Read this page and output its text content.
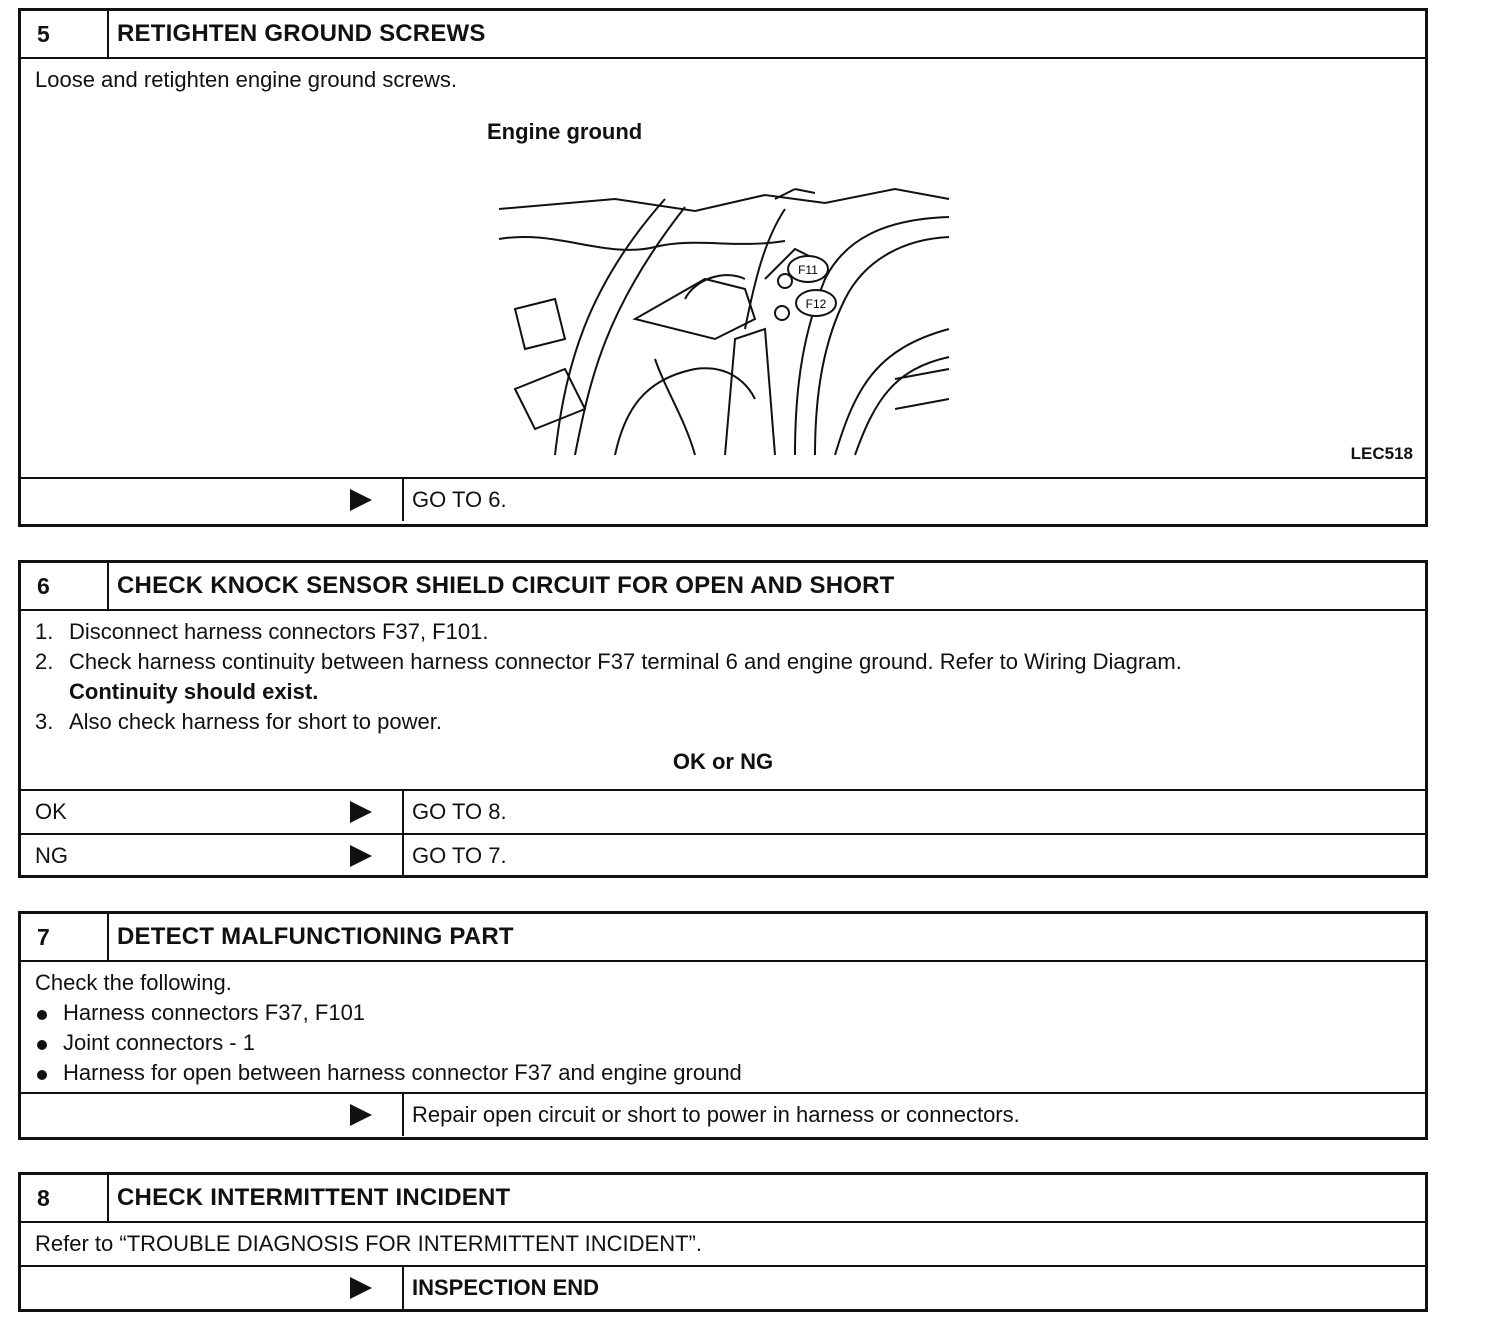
5	RETIGHTEN GROUND SCREWS
Loose and retighten engine ground screws.
Engine ground
F11
F12
LEC518
GO TO 6.
6	CHECK KNOCK SENSOR SHIELD CIRCUIT FOR OPEN AND SHORT
1. Disconnect harness connectors F37, F101.
2. Check harness continuity between harness connector F37 terminal 6 and engine ground. Refer to Wiring Diagram.
Continuity should exist.
3. Also check harness for short to power.
OK or NG
OK	GO TO 8.
NG	GO TO 7.
7	DETECT MALFUNCTIONING PART
Check the following.
Harness connectors F37, F101
Joint connectors - 1
Harness for open between harness connector F37 and engine ground
Repair open circuit or short to power in harness or connectors.
8	CHECK INTERMITTENT INCIDENT
Refer to “TROUBLE DIAGNOSIS FOR INTERMITTENT INCIDENT”.
INSPECTION END
